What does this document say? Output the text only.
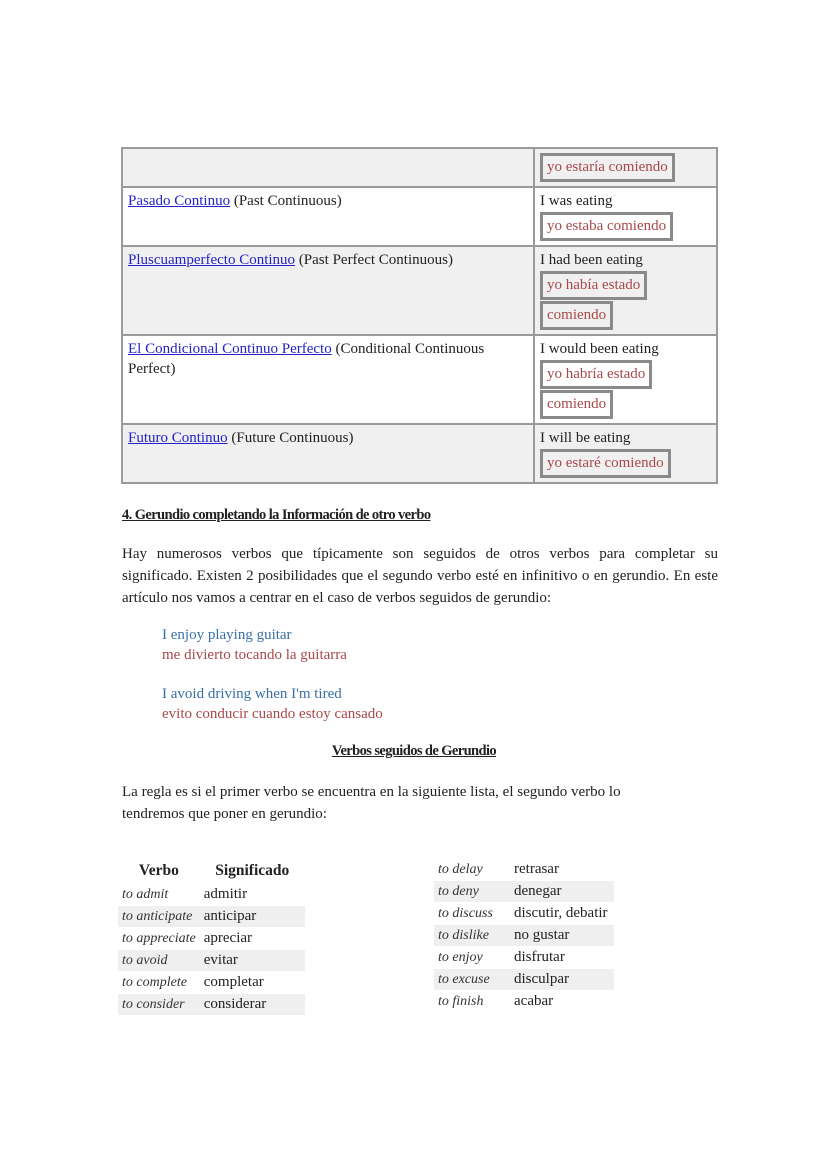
	yo estaría comiendo

Pasado Continuo (Past Continuous)	I was eating
yo estaba comiendo

Pluscuamperfecto Continuo (Past Perfect Continuous)	I had been eating
yo había estado
comiendo

El Condicional Continuo Perfecto (Conditional Continuous Perfect)	I would been eating
yo habría estado
comiendo

Futuro Continuo (Future Continuous)	I will be eating
yo estaré comiendo
4. Gerundio completando la Información de otro verbo
Hay numerosos verbos que típicamente son seguidos de otros verbos para completar su significado. Existen 2 posibilidades que el segundo verbo esté en infinitivo o en gerundio. En este artículo nos vamos a centrar en el caso de verbos seguidos de gerundio:
I enjoy playing guitar
me divierto tocando la guitarra
I avoid driving when I'm tired
evito conducir cuando estoy cansado
Verbos seguidos de Gerundio
La regla es si el primer verbo se encuentra en la siguiente lista, el segundo verbo lo tendremos que poner en gerundio:
Verbo	Significado
to admit	admitir
to anticipate	anticipar
to appreciate	apreciar
to avoid	evitar
to complete	completar
to consider	considerar
to delay	retrasar
to deny	denegar
to discuss	discutir, debatir
to dislike	no gustar
to enjoy	disfrutar
to excuse	disculpar
to finish	acabar
